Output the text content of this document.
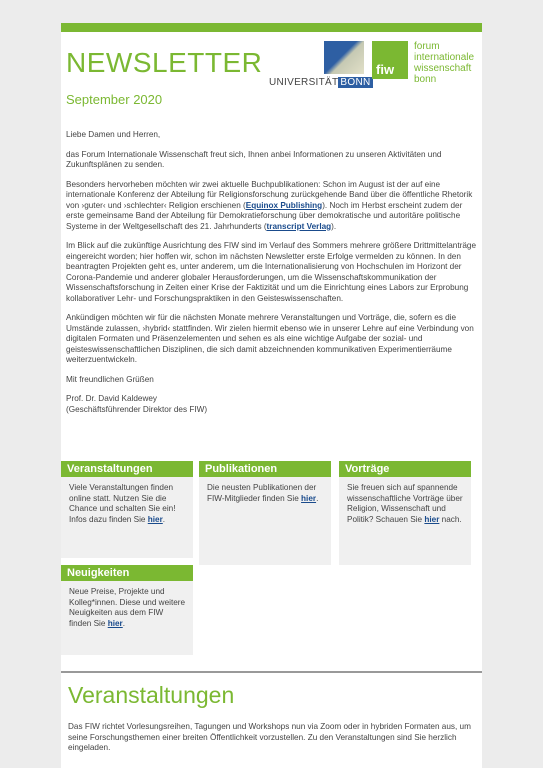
NEWSLETTER
September 2020
UNIVERSITÄT BONN
fiw
forum
internationale
wissenschaft
bonn

Liebe Damen und Herren,

das Forum Internationale Wissenschaft freut sich, Ihnen anbei Informationen zu unseren Aktivitäten und Zukunftsplänen zu senden.

Besonders hervorheben möchten wir zwei aktuelle Buchpublikationen: Schon im August ist der auf eine internationale Konferenz der Abteilung für Religionsforschung zurückgehende Band über die öffentliche Rhetorik von ›guter‹ und ›schlechter‹ Religion erschienen (Equinox Publishing). Noch im Herbst erscheint zudem der erste gemeinsame Band der Abteilung für Demokratieforschung über demokratische und autoritäre politische Systeme in der Weltgesellschaft des 21. Jahrhunderts (transcript Verlag).

Im Blick auf die zukünftige Ausrichtung des FIW sind im Verlauf des Sommers mehrere größere Drittmittelanträge eingereicht worden; hier hoffen wir, schon im nächsten Newsletter erste Erfolge vermelden zu können. In den beantragten Projekten geht es, unter anderem, um die Internationalisierung von Hochschulen im Horizont der Corona-Pandemie und anderer globaler Herausforderungen, um die Wissenschaftskommunikation der Wissenschaftsforschung in Zeiten einer Krise der Faktizität und um die Einrichtung eines Labors zur Erprobung kollaborativer Lehr- und Forschungspraktiken in den Geisteswissenschaften.

Ankündigen möchten wir für die nächsten Monate mehrere Veranstaltungen und Vorträge, die, sofern es die Umstände zulassen, ›hybrid‹ stattfinden. Wir zielen hiermit ebenso wie in unserer Lehre auf eine Verbindung von digitalen Formaten und Präsenzelementen und sehen es als eine wichtige Aufgabe der sozial- und geisteswissenschaftlichen Disziplinen, die sich damit abzeichnenden kommunikativen Experimentierräume weiterzuentwickeln.

Mit freundlichen Grüßen

Prof. Dr. David Kaldewey
(Geschäftsführender Direktor des FIW)

Veranstaltungen
Viele Veranstaltungen finden online statt. Nutzen Sie die Chance und schalten Sie ein! Infos dazu finden Sie hier.
Publikationen
Die neusten Publikationen der FIW-Mitglieder finden Sie hier.
Vorträge
Sie freuen sich auf spannende wissenschaftliche Vorträge über Religion, Wissenschaft und Politik? Schauen Sie hier nach.
Neuigkeiten
Neue Preise, Projekte und Kolleg*innen. Diese und weitere Neuigkeiten aus dem FIW finden Sie hier.
Veranstaltungen
Das FIW richtet Vorlesungsreihen, Tagungen und Workshops nun via Zoom oder in hybriden Formaten aus, um seine Forschungsthemen einer breiten Öffentlichkeit vorzustellen. Zu den Veranstaltungen sind Sie herzlich eingeladen.
